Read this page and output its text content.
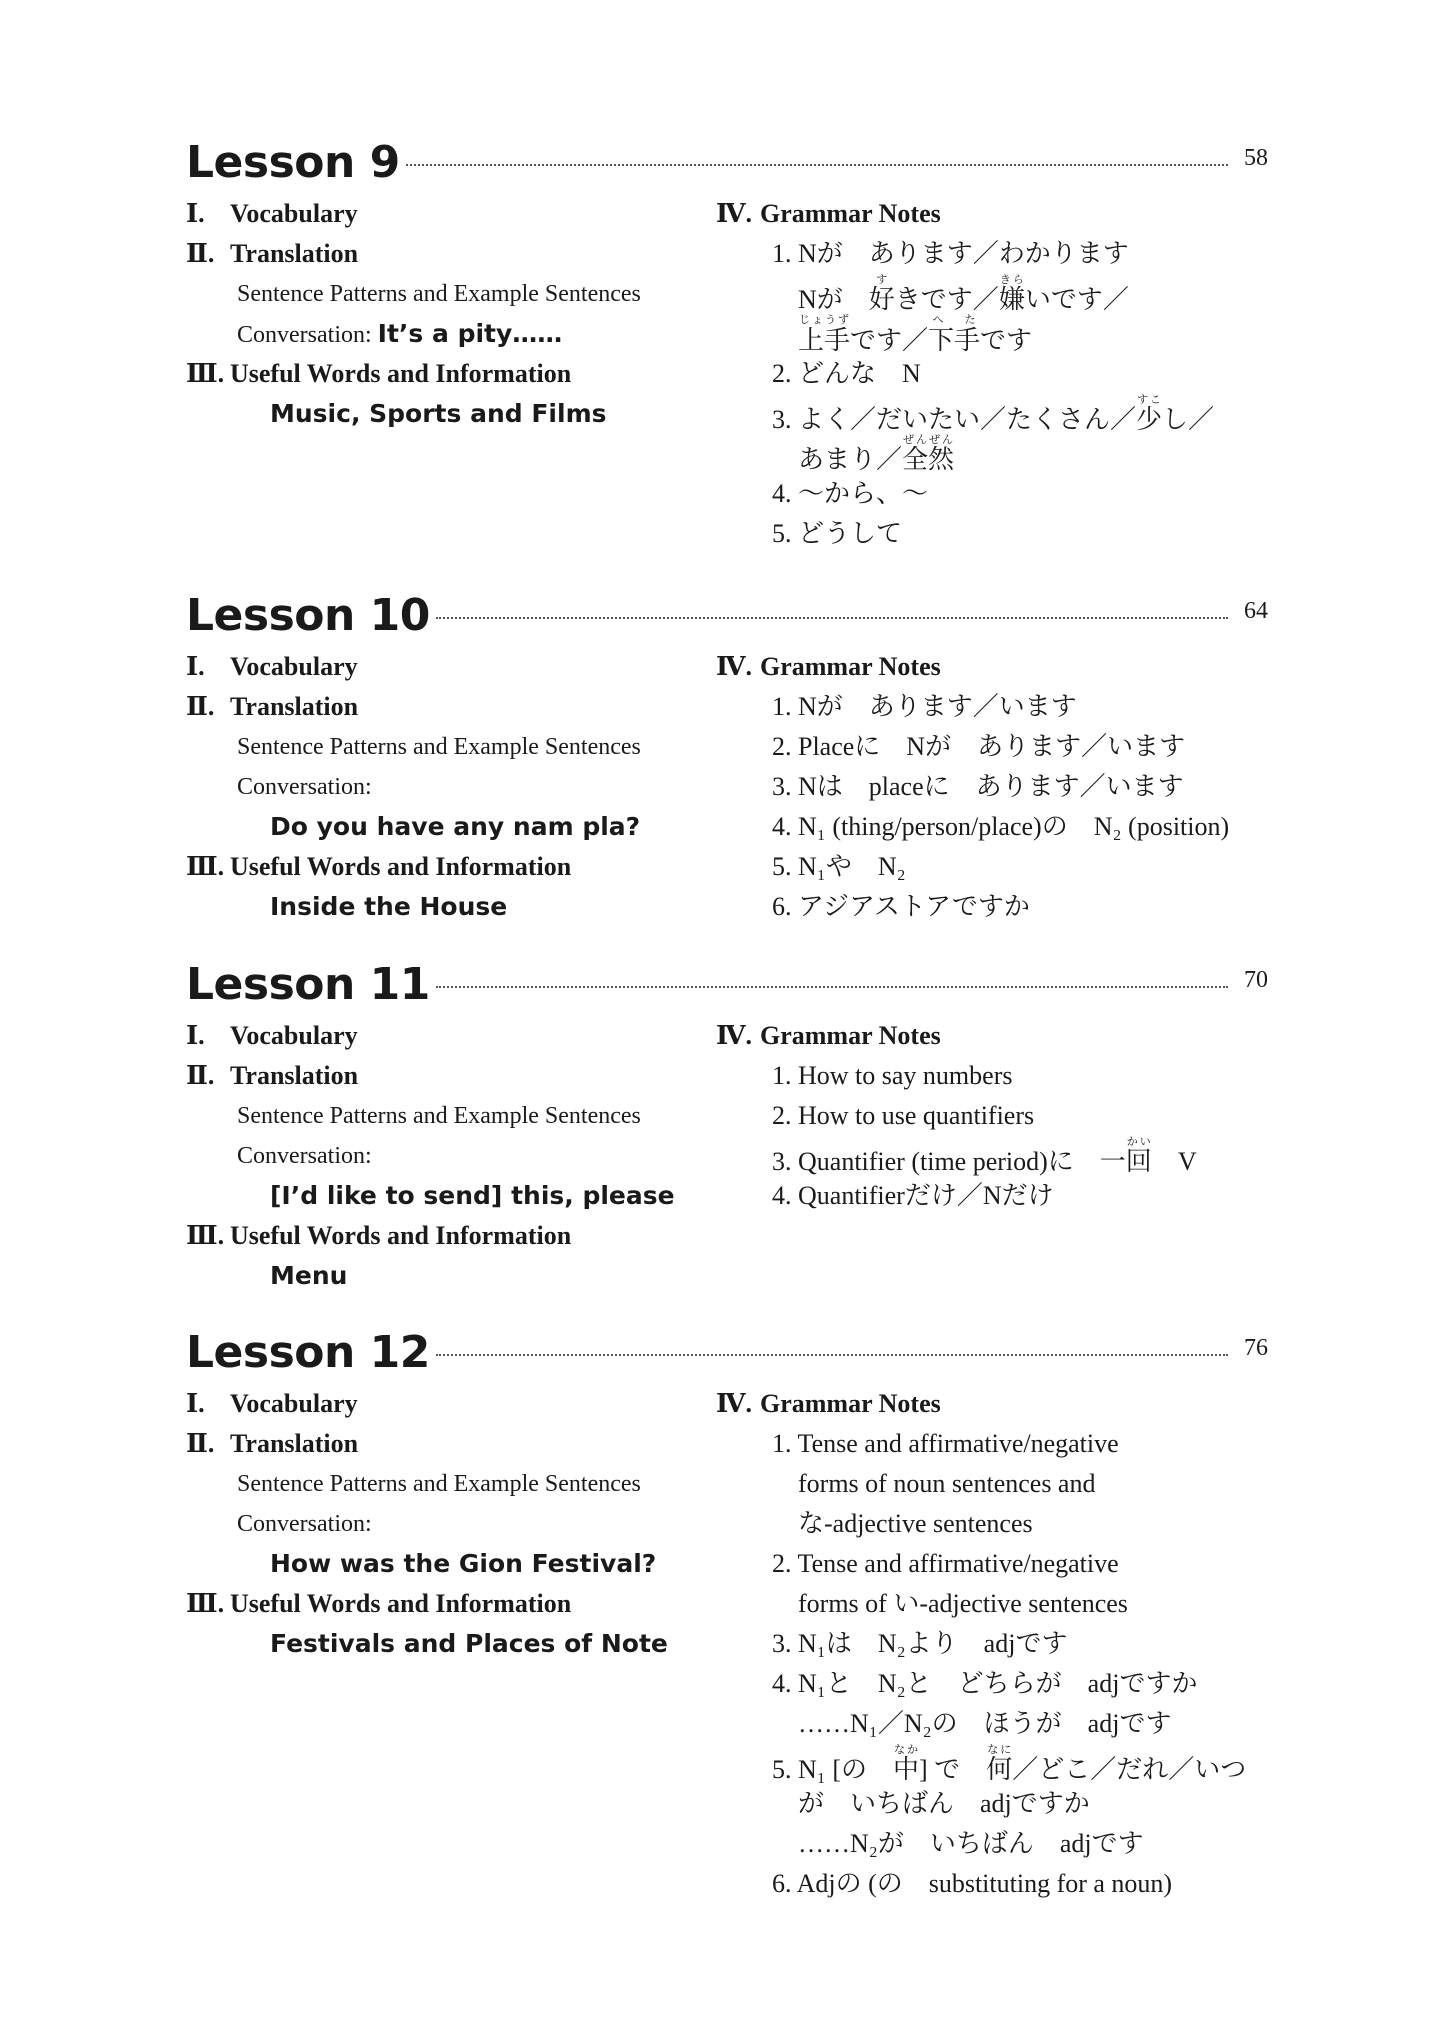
Lesson 9	58
Ⅰ. Vocabulary
Ⅱ. Translation
Sentence Patterns and Example Sentences
Conversation: It’s a pity……
Ⅲ. Useful Words and Information
Music, Sports and Films
Ⅳ. Grammar Notes
1. Nが　あります／わかります
Nが　好すきです／嫌きらいです／
上手じょうずです／下手へ たです
2. どんな　N
3. よく／だいたい／たくさん／少すこし／
あまり／全然ぜんぜん
4. ～から、～
5. どうして
Lesson 10	64
Ⅰ. Vocabulary
Ⅱ. Translation
Sentence Patterns and Example Sentences
Conversation:
Do you have any nam pla?
Ⅲ. Useful Words and Information
Inside the House
Ⅳ. Grammar Notes
1. Nが　あります／います
2. Placeに　Nが　あります／います
3. Nは　placeに　あります／います
4. N₁ (thing/person/place)の　N₂ (position)
5. N₁や　N₂
6. アジアストアですか
Lesson 11	70
Ⅰ. Vocabulary
Ⅱ. Translation
Sentence Patterns and Example Sentences
Conversation:
[I’d like to send] this, please
Ⅲ. Useful Words and Information
Menu
Ⅳ. Grammar Notes
1. How to say numbers
2. How to use quantifiers
3. Quantifier (time period)に　一回かい　V
4. Quantifierだけ／Nだけ
Lesson 12	76
Ⅰ. Vocabulary
Ⅱ. Translation
Sentence Patterns and Example Sentences
Conversation:
How was the Gion Festival?
Ⅲ. Useful Words and Information
Festivals and Places of Note
Ⅳ. Grammar Notes
1. Tense and affirmative/negative
forms of noun sentences and
な-adjective sentences
2. Tense and affirmative/negative
forms of い-adjective sentences
3. N₁は　N₂より　adjです
4. N₁と　N₂と　どちらが　adjですか
……N₁／N₂の　ほうが　adjです
5. N₁ [の　中なか] で　何なに／どこ／だれ／いつ
が　いちばん　adjですか
……N₂が　いちばん　adjです
6. Adjの (の　substituting for a noun)
